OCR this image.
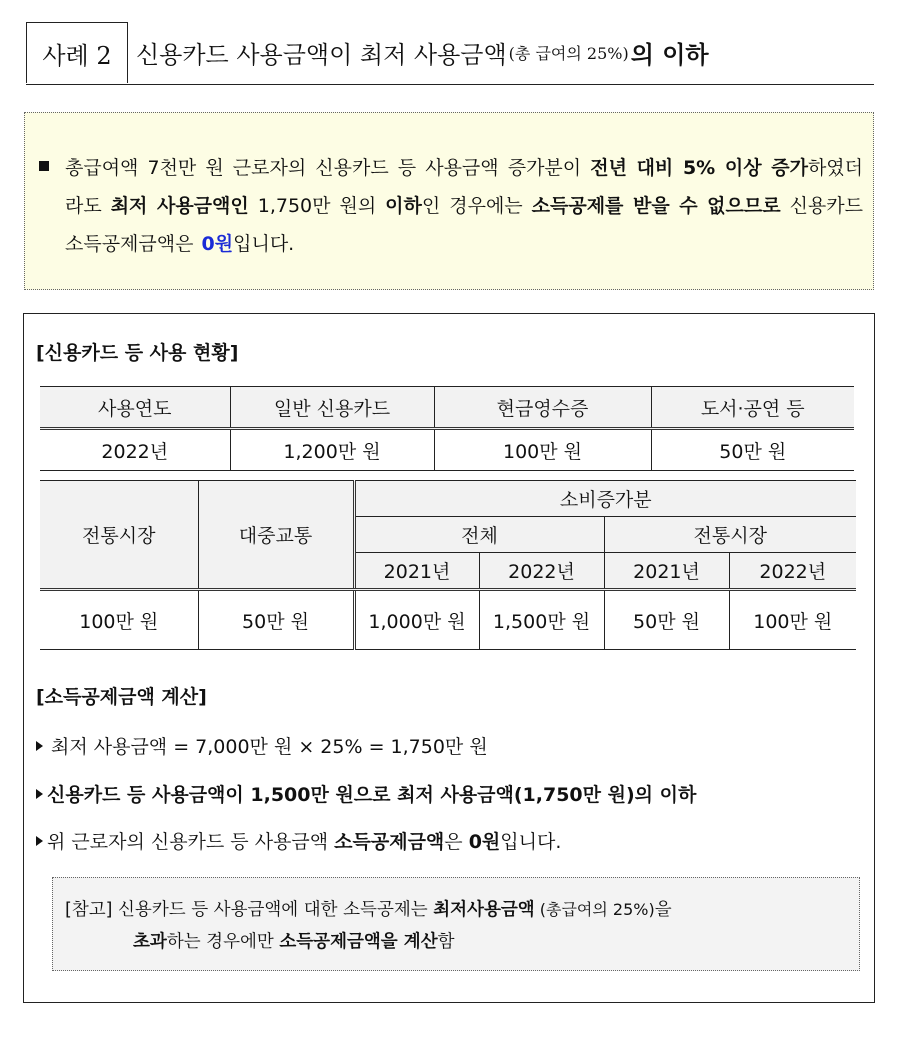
사례 2	신용카드 사용금액이 최저 사용금액 (총 급여의 25%) 의 이하

총급여액 7천만 원 근로자의 신용카드 등 사용금액 증가분이 전년 대비 5% 이상 증가하였더라도 최저 사용금액인 1,750만 원의 이하인 경우에는 소득공제를 받을 수 없으므로 신용카드 소득공제금액은 0원입니다.

[신용카드 등 사용 현황]
사용연도	일반 신용카드	현금영수증	도서·공연 등
2022년	1,200만 원	100만 원	50만 원
전통시장	대중교통	소비증가분			
		전체		전통시장	
		2021년	2022년	2021년	2022년
100만 원	50만 원	1,000만 원	1,500만 원	50만 원	100만 원
[소득공제금액 계산]
최저 사용금액 = 7,000만 원 × 25% = 1,750만 원
신용카드 등 사용금액이 1,500만 원으로 최저 사용금액(1,750만 원)의 이하
위 근로자의 신용카드 등 사용금액 소득공제금액은 0원입니다.
[참고] 신용카드 등 사용금액에 대한 소득공제는 최저사용금액 (총급여의 25%)을
초과하는 경우에만 소득공제금액을 계산함
